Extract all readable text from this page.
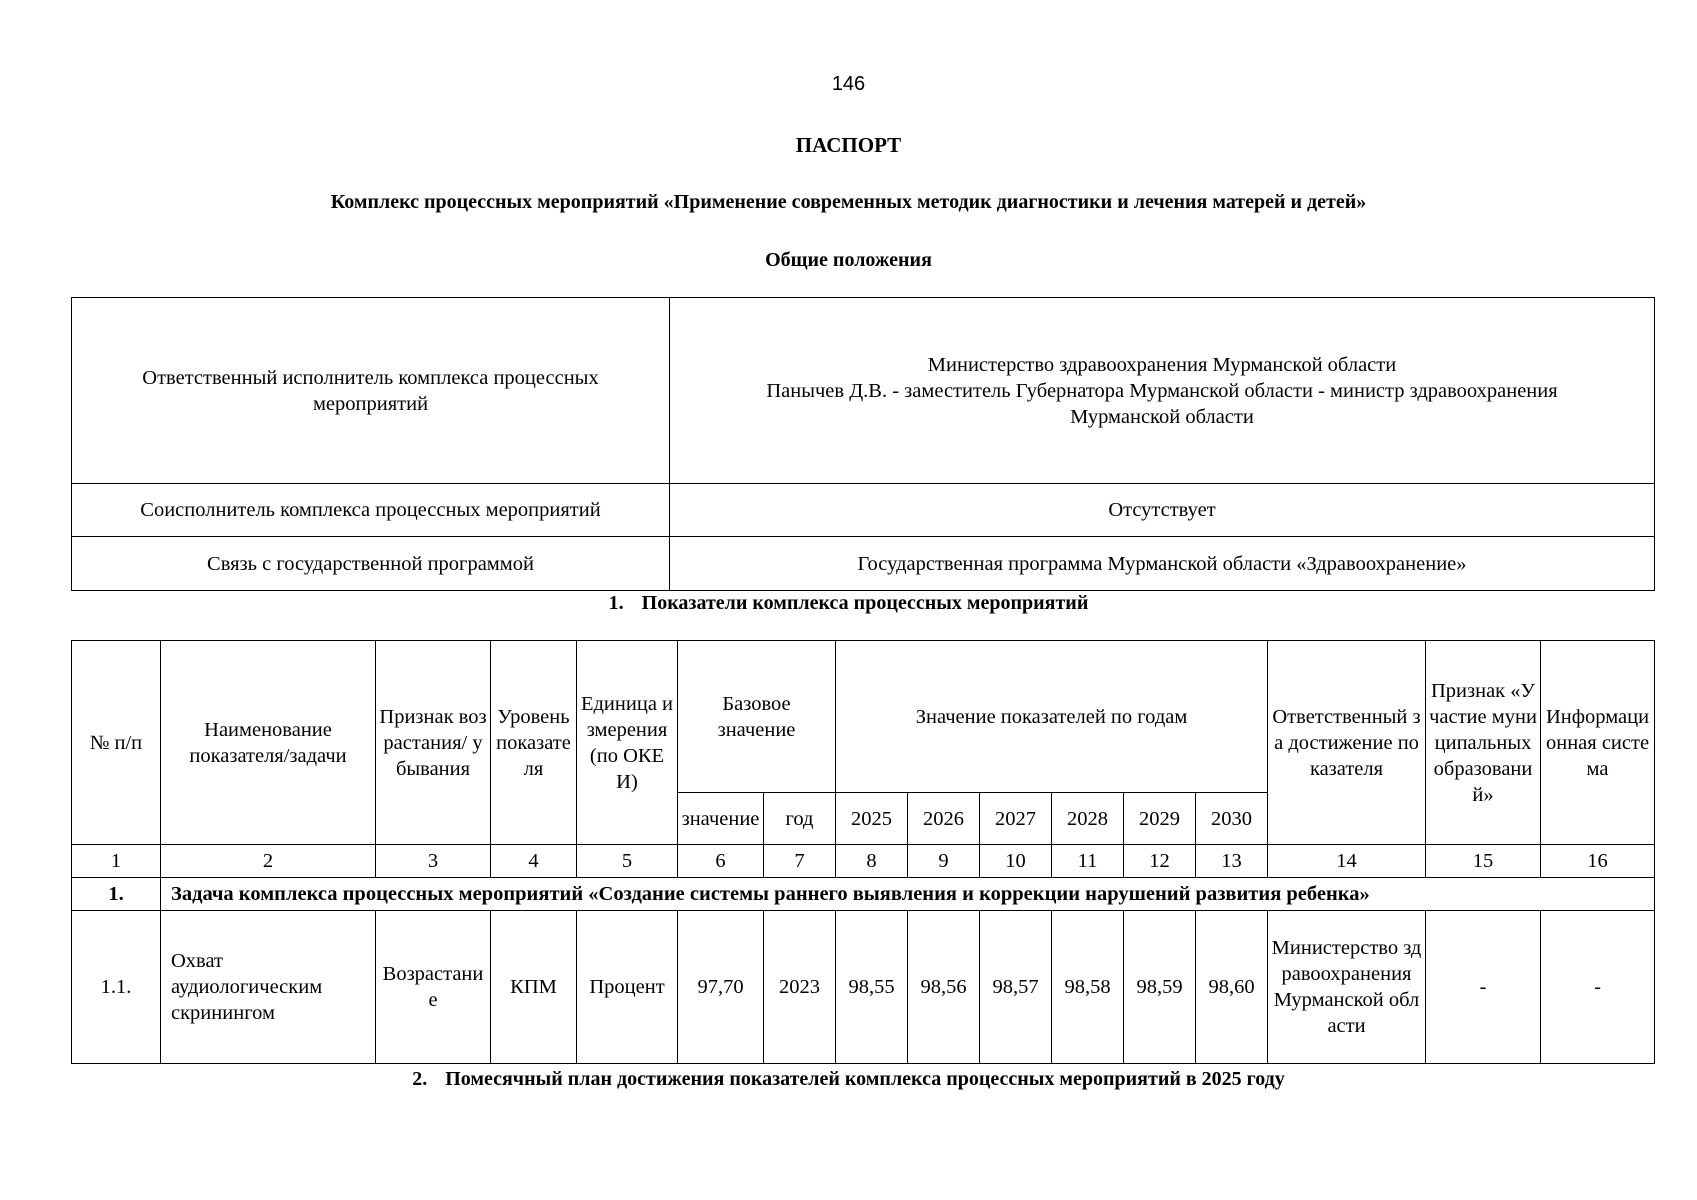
146
ПАСПОРТ
Комплекс процессных мероприятий «Применение современных методик диагностики и лечения матерей и детей»
Общие положения
Ответственный исполнитель комплекса процессных мероприятий	Министерство здравоохранения Мурманской области
Панычев Д.В. - заместитель Губернатора Мурманской области - министр здравоохранения
Мурманской области

Соисполнитель комплекса процессных мероприятий	Отсутствует
Связь с государственной программой	Государственная программа Мурманской области «Здравоохранение»
1. Показатели комплекса процессных мероприятий
№ п/п	Наименование показателя/задачи	Признак возрастания/ убывания	Уровень показателя	Единица измерения (по ОКЕИ)	Базовое значение		Значение показателей по годам						Ответственный за достижение показателя	Признак «Участие муниципальных образований»	Информационная система
					значение	год	2025	2026	2027	2028	2029	2030			
1	2	3	4	5	6	7	8	9	10	11	12	13	14	15	16
1.	Задача комплекса процессных мероприятий «Создание системы раннего выявления и коррекции нарушений развития ребенка»														
1.1.	Охват аудиологическим скринингом	Возрастание	КПМ	Процент	97,70	2023	98,55	98,56	98,57	98,58	98,59	98,60	Министерство здравоохранения Мурманской области	-	-
2. Помесячный план достижения показателей комплекса процессных мероприятий в 2025 году
